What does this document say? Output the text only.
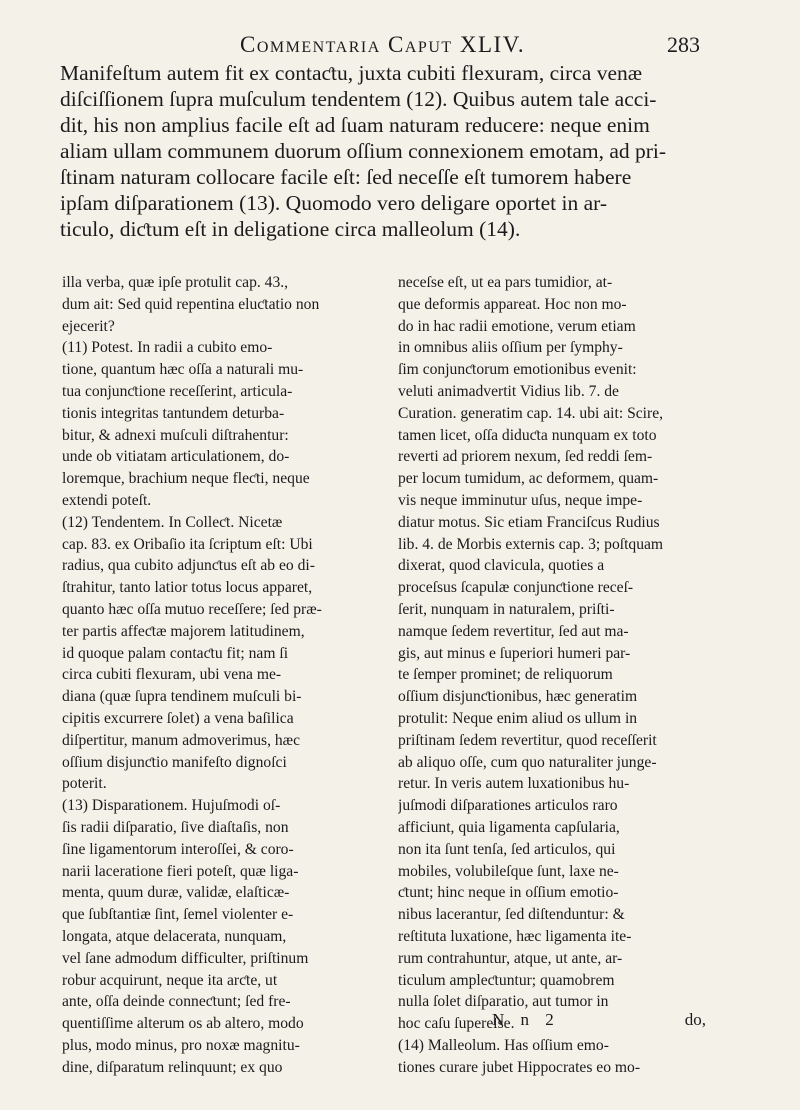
Commentaria Caput XLIV.	283
Manifeſtum autem fit ex contaƈtu, juxta cubiti flexuram, circa venæ
diſciſſionem ſupra muſculum tendentem (12). Quibus autem tale acci-
dit, his non amplius facile eſt ad ſuam naturam reducere: neque enim
aliam ullam communem duorum oſſium connexionem emotam, ad pri-
ſtinam naturam collocare facile eſt: ſed neceſſe eſt tumorem habere
ipſam diſparationem (13). Quomodo vero deligare oportet in ar-
ticulo, diƈtum eſt in deligatione circa malleolum (14).
illa verba, quæ ipſe protulit cap. 43.,
dum ait: Sed quid repentina eluƈtatio non
ejecerit?
(11) Potest. In radii a cubito emo-
tione, quantum hæc oſſa a naturali mu-
tua conjunƈtione receſſerint, articula-
tionis integritas tantundem deturba-
bitur, & adnexi muſculi diſtrahentur:
unde ob vitiatam articulationem, do-
loremque, brachium neque fleƈti, neque
extendi poteſt.
(12) Tendentem. In Colleƈt. Nicetæ
cap. 83. ex Oribaſio ita ſcriptum eſt: Ubi
radius, qua cubito adjunƈtus eſt ab eo di-
ſtrahitur, tanto latior totus locus apparet,
quanto hæc oſſa mutuo receſſere; ſed præ-
ter partis affeƈtæ majorem latitudinem,
id quoque palam contaƈtu fit; nam ſi
circa cubiti flexuram, ubi vena me-
diana (quæ ſupra tendinem muſculi bi-
cipitis excurrere ſolet) a vena baſilica
diſpertitur, manum admoverimus, hæc
oſſium disjunƈtio manifeſto dignoſci
poterit.
(13) Disparationem. Hujuſmodi oſ-
ſis radii diſparatio, ſive diaſtaſis, non
ſine ligamentorum interoſſei, & coro-
narii laceratione fieri poteſt, quæ liga-
menta, quum duræ, validæ, elaſticæ-
que ſubſtantiæ ſint, ſemel violenter e-
longata, atque delacerata, nunquam,
vel ſane admodum difficulter, priſtinum
robur acquirunt, neque ita arƈte, ut
ante, oſſa deinde conneƈtunt; ſed fre-
quentiſſime alterum os ab altero, modo
plus, modo minus, pro noxæ magnitu-
dine, diſparatum relinquunt; ex quo
neceſse eſt, ut ea pars tumidior, at-
que deformis appareat. Hoc non mo-
do in hac radii emotione, verum etiam
in omnibus aliis oſſium per ſymphy-
ſim conjunƈtorum emotionibus evenit:
veluti animadvertit Vidius lib. 7. de
Curation. generatim cap. 14. ubi ait: Scire,
tamen licet, oſſa diduƈta nunquam ex toto
reverti ad priorem nexum, ſed reddi ſem-
per locum tumidum, ac deformem, quam-
vis neque imminutur uſus, neque impe-
diatur motus. Sic etiam Franciſcus Rudius
lib. 4. de Morbis externis cap. 3; poſtquam
dixerat, quod clavicula, quoties a
proceſsus ſcapulæ conjunƈtione receſ-
ſerit, nunquam in naturalem, priſti-
namque ſedem revertitur, ſed aut ma-
gis, aut minus e ſuperiori humeri par-
te ſemper prominet; de reliquorum
oſſium disjunƈtionibus, hæc generatim
protulit: Neque enim aliud os ullum in
priſtinam ſedem revertitur, quod receſſerit
ab aliquo oſſe, cum quo naturaliter junge-
retur. In veris autem luxationibus hu-
juſmodi diſparationes articulos raro
afficiunt, quia ligamenta capſularia,
non ita ſunt tenſa, ſed articulos, qui
mobiles, volubileſque ſunt, laxe ne-
ƈtunt; hinc neque in oſſium emotio-
nibus lacerantur, ſed diſtenduntur: &
reſtituta luxatione, hæc ligamenta ite-
rum contrahuntur, atque, ut ante, ar-
ticulum ampleƈtuntur; quamobrem
nulla ſolet diſparatio, aut tumor in
hoc caſu ſupereſse.
(14) Malleolum. Has oſſium emo-
tiones curare jubet Hippocrates eo mo-
N n 2	do,
